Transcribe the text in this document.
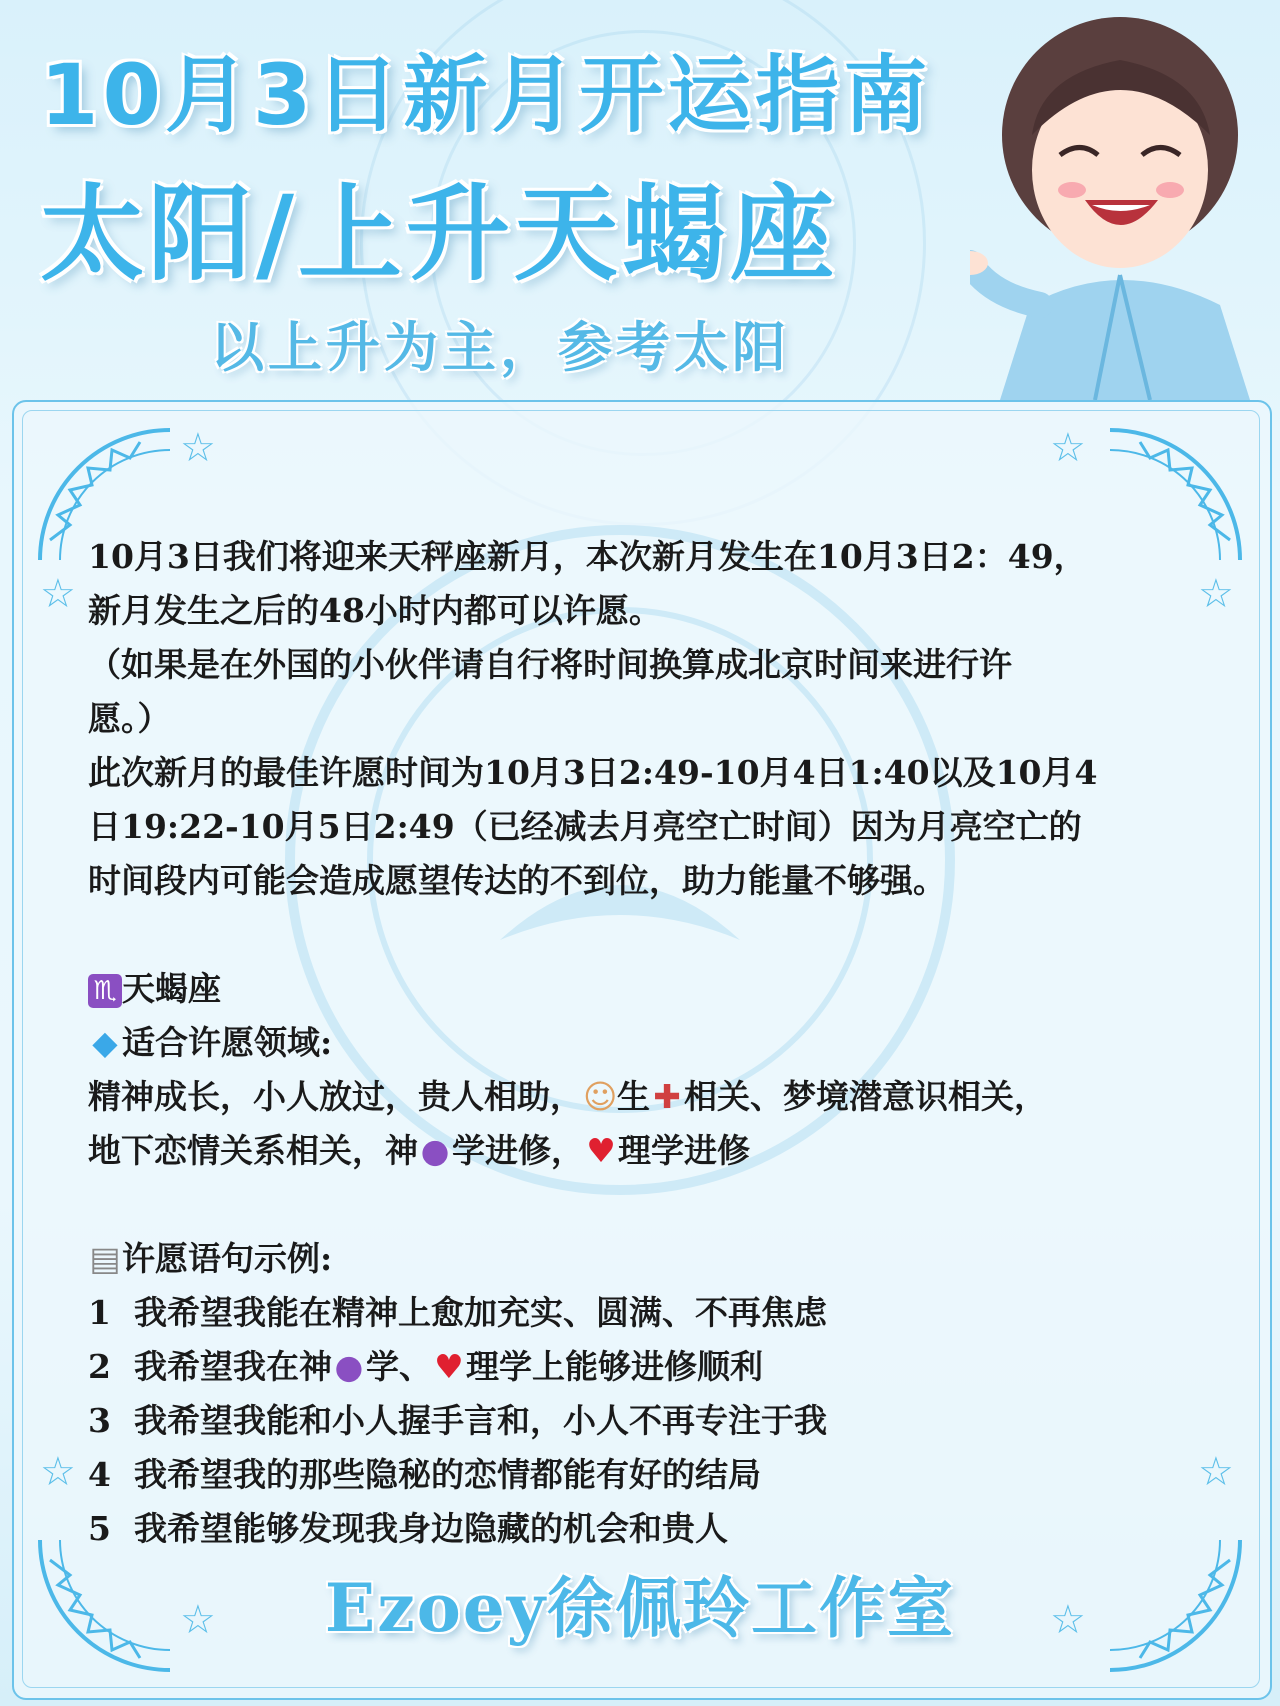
10月3日新月开运指南
太阳/上升天蝎座
以上升为主，参考太阳
☆	☆
☆	☆
☆	☆
☆	☆

10月3日我们将迎来天秤座新月，本次新月发生在10月3日2：49，

新月发生之后的48小时内都可以许愿。

（如果是在外国的小伙伴请自行将时间换算成北京时间来进行许

愿。）

此次新月的最佳许愿时间为10月3日2:49-10月4日1:40以及10月4

日19:22-10月5日2:49（已经减去月亮空亡时间）因为月亮空亡的

时间段内可能会造成愿望传达的不到位，助力能量不够强。

♏ 天蝎座

◆ 适合许愿领域:

精神成长，小人放过，贵人相助，☺生✚相关、梦境潜意识相关，

地下恋情关系相关，神●学进修，♥理学进修

▤许愿语句示例:

1 我希望我能在精神上愈加充实、圆满、不再焦虑

2 我希望我在神●学、♥理学上能够进修顺利

3 我希望我能和小人握手言和，小人不再专注于我

4 我希望我的那些隐秘的恋情都能有好的结局

5 我希望能够发现我身边隐藏的机会和贵人

Ezoey徐佩玲工作室
